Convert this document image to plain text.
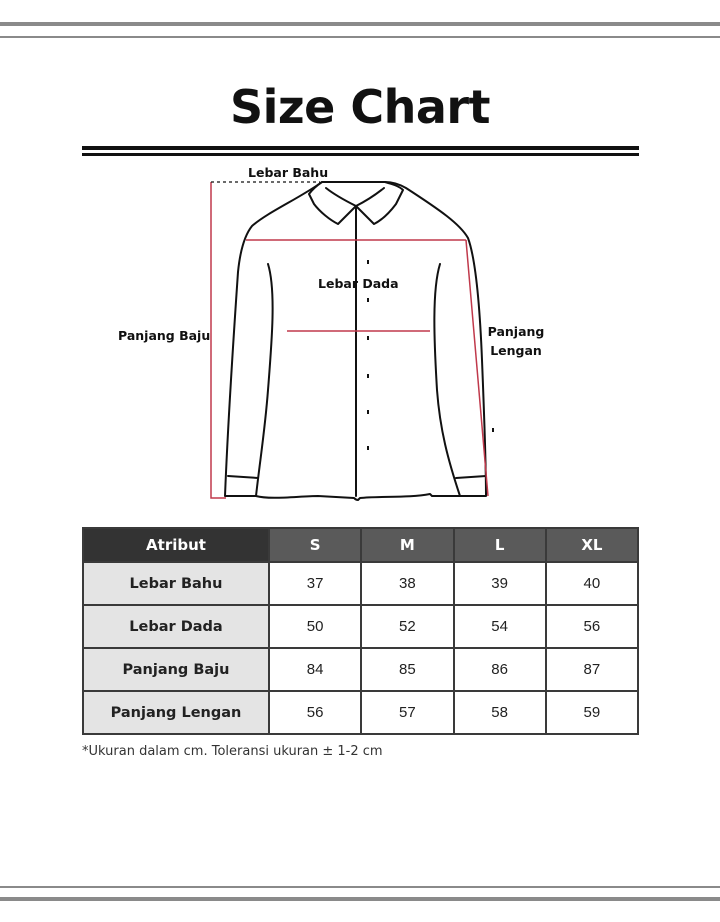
Size Chart
Lebar Bahu
Lebar Dada
Panjang Baju	Panjang Lengan
Atribut	S	M	L	XL
Lebar Bahu	37	38	39	40
Lebar Dada	50	52	54	56
Panjang Baju	84	85	86	87
Panjang Lengan	56	57	58	59
*Ukuran dalam cm. Toleransi ukuran ± 1-2 cm
